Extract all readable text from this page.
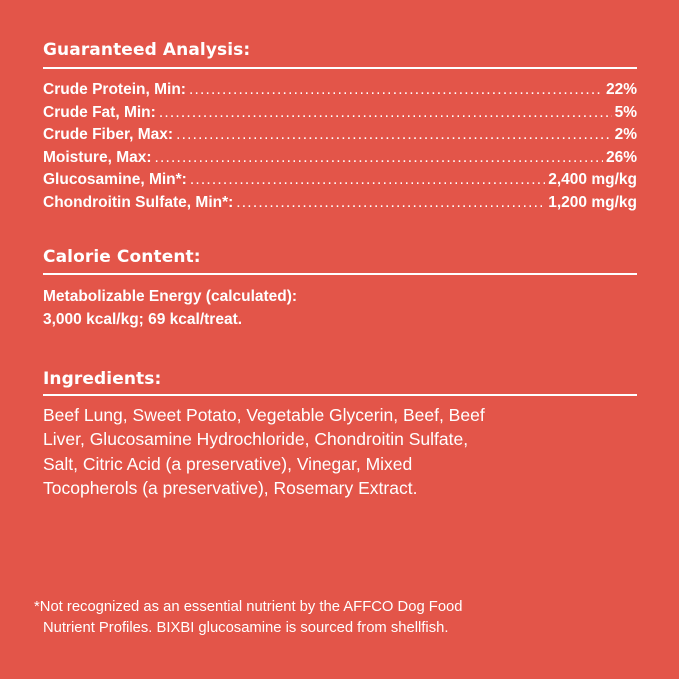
Guaranteed Analysis:
Crude Protein, Min: .....	22%
Crude Fat, Min: .....	5%
Crude Fiber, Max: .....	2%
Moisture, Max: .....	26%
Glucosamine, Min*: .....	2,400 mg/kg
Chondroitin Sulfate, Min*: .....	1,200 mg/kg
Calorie Content:
Metabolizable Energy (calculated):
3,000 kcal/kg; 69 kcal/treat.
Ingredients:
Beef Lung, Sweet Potato, Vegetable Glycerin, Beef, Beef
Liver, Glucosamine Hydrochloride, Chondroitin Sulfate,
Salt, Citric Acid (a preservative), Vinegar, Mixed
Tocopherols (a preservative), Rosemary Extract.
*Not recognized as an essential nutrient by the AFFCO Dog Food
Nutrient Profiles. BIXBI glucosamine is sourced from shellfish.
